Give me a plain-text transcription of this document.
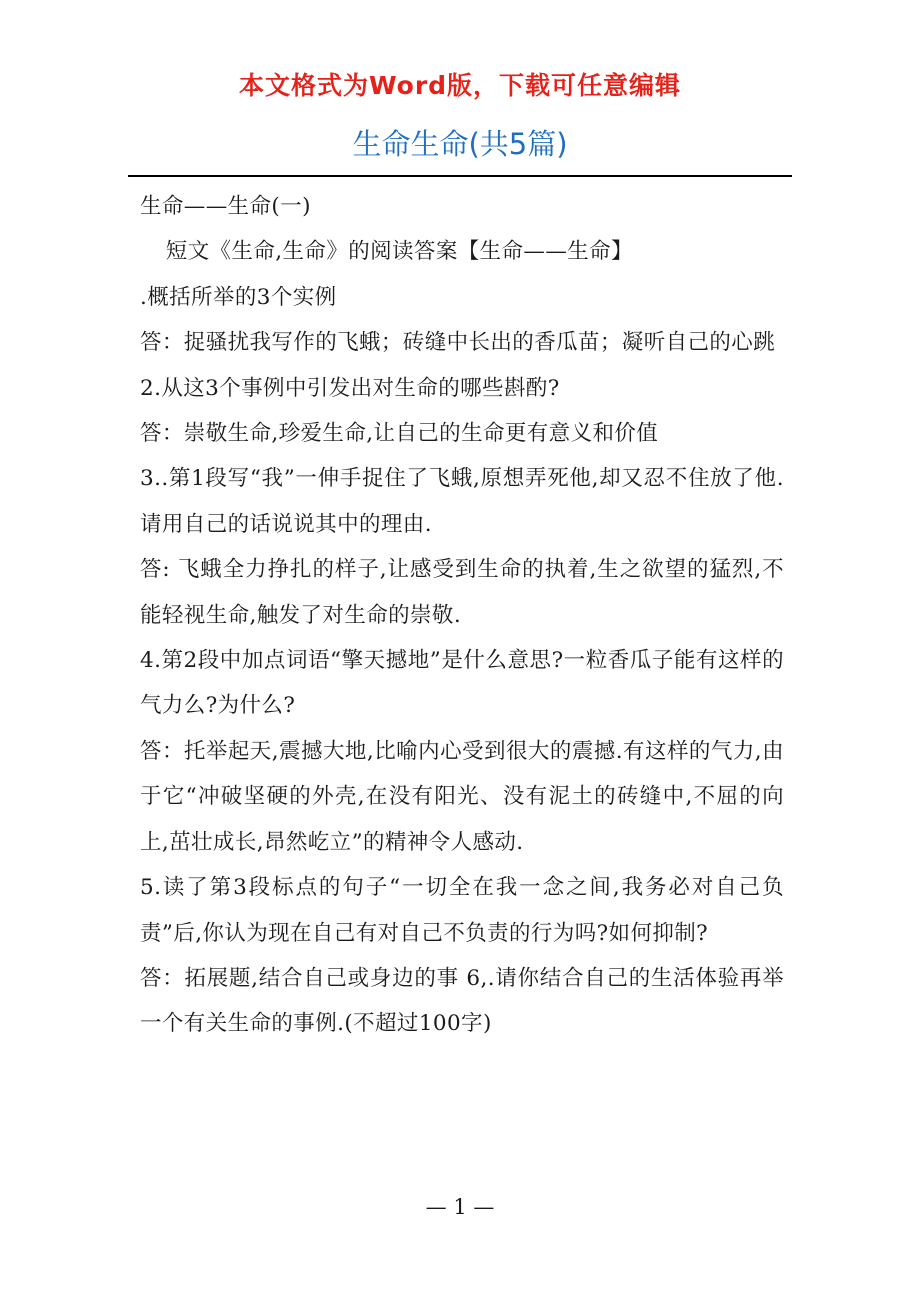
本文格式为Word版，下载可任意编辑
生命生命(共5篇)

生命——生命(一)

短文《生命,生命》的阅读答案【生命——生命】

.概括所举的3个实例

答：捉骚扰我写作的飞蛾；砖缝中长出的香瓜苗；凝听自己的心跳

2.从这3个事例中引发出对生命的哪些斟酌?

答：崇敬生命,珍爱生命,让自己的生命更有意义和价值

3..第1段写“我”一伸手捉住了飞蛾,原想弄死他,却又忍不住放了他.请用自己的话说说其中的理由.

答: 飞蛾全力挣扎的样子,让感受到生命的执着,生之欲望的猛烈,不能轻视生命,触发了对生命的崇敬.

4.第2段中加点词语“擎天撼地”是什么意思?一粒香瓜子能有这样的气力么?为什么?

答：托举起天,震撼大地,比喻内心受到很大的震撼.有这样的气力,由于它“冲破坚硬的外壳,在没有阳光、没有泥土的砖缝中,不屈的向上,茁壮成长,昂然屹立”的精神令人感动.

5.读了第3段标点的句子“一切全在我一念之间,我务必对自己负责”后,你认为现在自己有对自己不负责的行为吗?如何抑制?

答：拓展题,结合自己或身边的事 6,.请你结合自己的生活体验再举一个有关生命的事例.(不超过100字)

— 1 —
